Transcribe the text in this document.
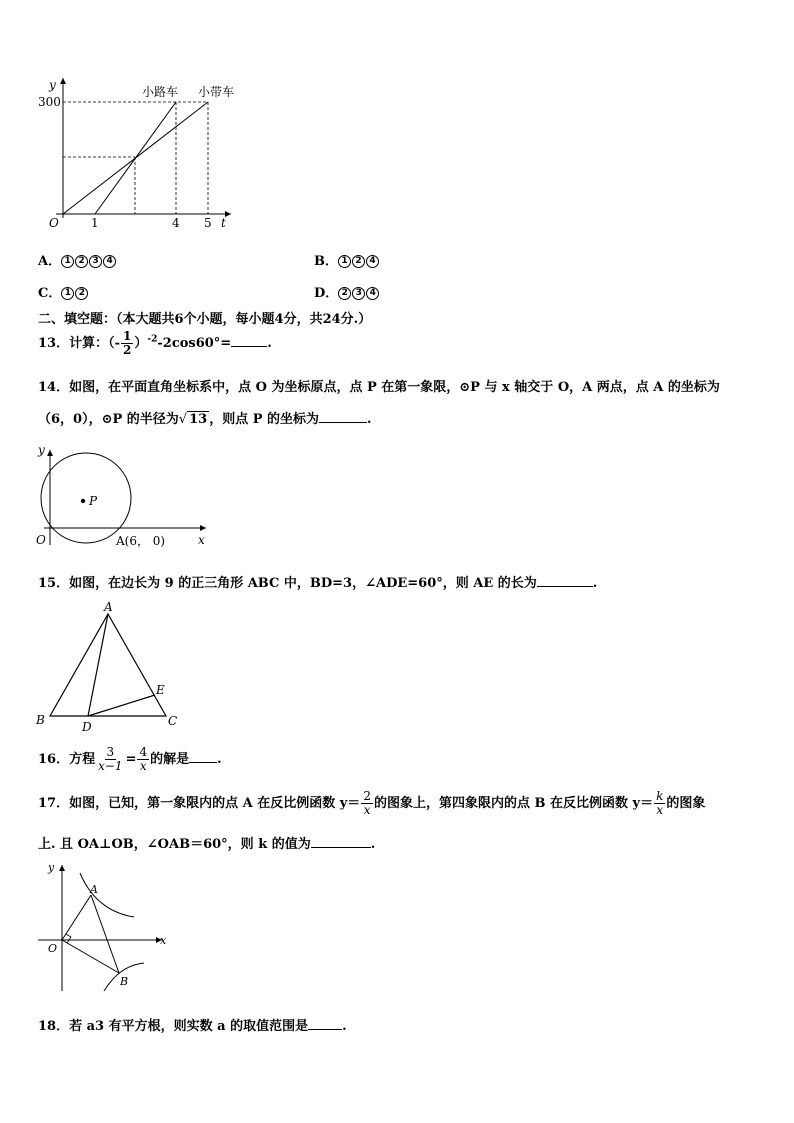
y
300
O	1	4 5 t
小路车 小带车
A． 1 2 3 4	B． 1 2 4
C． 1 2	D． 2 3 4
二、填空题：（本大题共6个小题，每小题4分，共24分.）
13．计算：（- $\frac{1}{2} )^{-2}-2\cos 60^\circ=$	.
14．如图，在平面直角坐标系中，点 O 为坐标原点，点 P 在第一象限，⊙P 与 x 轴交于 O，A 两点，点 A 的坐标为
（6，0），⊙P 的半径为√ 13 ，则点 P 的坐标为	.
y
P
O	A(6， 0)	x
15．如图，在边长为 9 的正三角形 ABC 中，BD=3，∠ADE=60°，则 AE 的长为	.
A
B	C
D
E
16．方程 $\frac{3}{x-1} = \frac{4}{x}$ 的解是 .
17．如图，已知，第一象限内的点 A 在反比例函数 $y= \frac{2}{x}$ 的图象上，第四象限内的点 B 在反比例函数 $y= \frac{k}{x}$ 的图象
上. 且 OA⊥OB，∠OAB＝60°，则 k 的值为	.
y
A
x
O
B
18．若 a3 有平方根，则实数 a 的取值范围是	.
